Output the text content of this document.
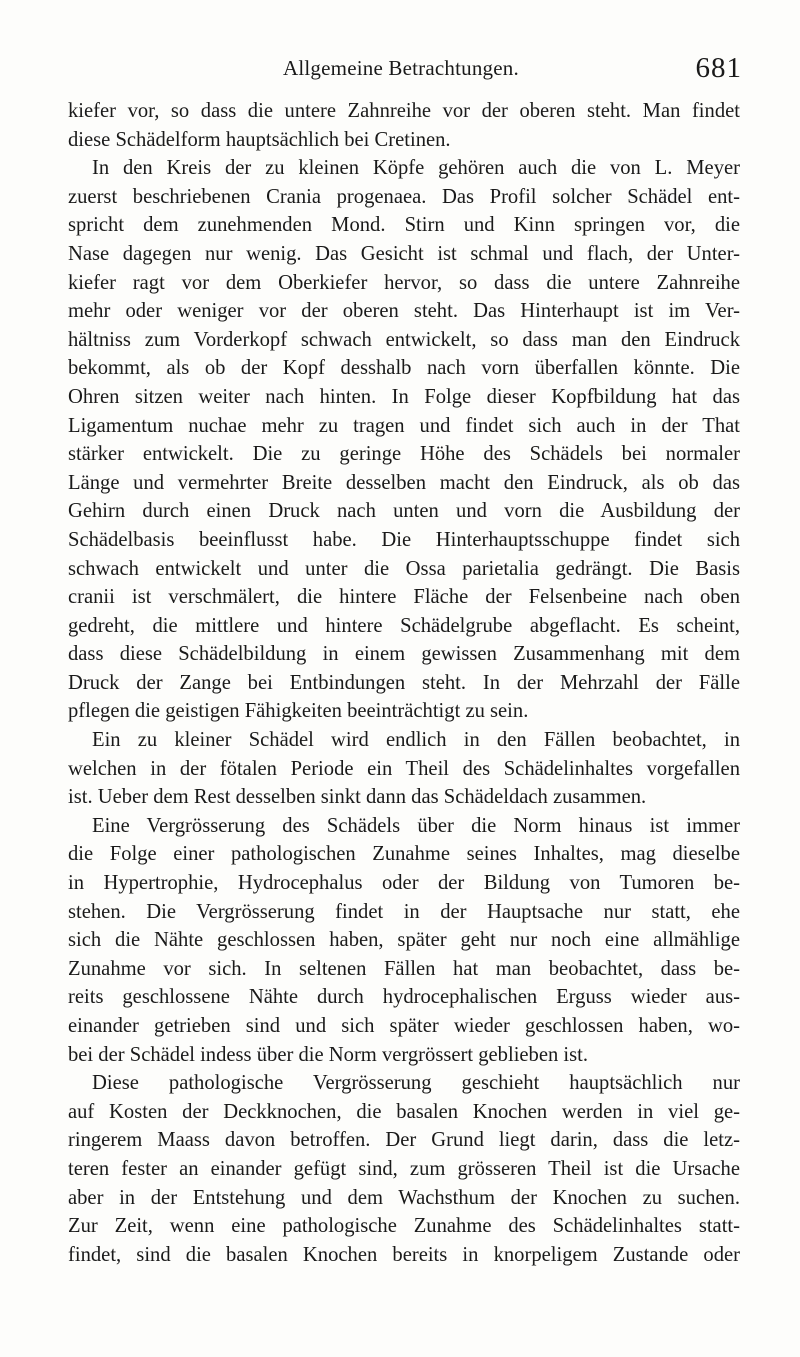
Allgemeine Betrachtungen.	681
kiefer vor, so dass die untere Zahnreihe vor der oberen steht. Man findet
diese Schädelform hauptsächlich bei Cretinen.
In den Kreis der zu kleinen Köpfe gehören auch die von L. Meyer
zuerst beschriebenen Crania progenaea. Das Profil solcher Schädel ent-
spricht dem zunehmenden Mond. Stirn und Kinn springen vor, die
Nase dagegen nur wenig. Das Gesicht ist schmal und flach, der Unter-
kiefer ragt vor dem Oberkiefer hervor, so dass die untere Zahnreihe
mehr oder weniger vor der oberen steht. Das Hinterhaupt ist im Ver-
hältniss zum Vorderkopf schwach entwickelt, so dass man den Eindruck
bekommt, als ob der Kopf desshalb nach vorn überfallen könnte. Die
Ohren sitzen weiter nach hinten. In Folge dieser Kopfbildung hat das
Ligamentum nuchae mehr zu tragen und findet sich auch in der That
stärker entwickelt. Die zu geringe Höhe des Schädels bei normaler
Länge und vermehrter Breite desselben macht den Eindruck, als ob das
Gehirn durch einen Druck nach unten und vorn die Ausbildung der
Schädelbasis beeinflusst habe. Die Hinterhauptsschuppe findet sich
schwach entwickelt und unter die Ossa parietalia gedrängt. Die Basis
cranii ist verschmälert, die hintere Fläche der Felsenbeine nach oben
gedreht, die mittlere und hintere Schädelgrube abgeflacht. Es scheint,
dass diese Schädelbildung in einem gewissen Zusammenhang mit dem
Druck der Zange bei Entbindungen steht. In der Mehrzahl der Fälle
pflegen die geistigen Fähigkeiten beeinträchtigt zu sein.
Ein zu kleiner Schädel wird endlich in den Fällen beobachtet, in
welchen in der fötalen Periode ein Theil des Schädelinhaltes vorgefallen
ist. Ueber dem Rest desselben sinkt dann das Schädeldach zusammen.
Eine Vergrösserung des Schädels über die Norm hinaus ist immer
die Folge einer pathologischen Zunahme seines Inhaltes, mag dieselbe
in Hypertrophie, Hydrocephalus oder der Bildung von Tumoren be-
stehen. Die Vergrösserung findet in der Hauptsache nur statt, ehe
sich die Nähte geschlossen haben, später geht nur noch eine allmählige
Zunahme vor sich. In seltenen Fällen hat man beobachtet, dass be-
reits geschlossene Nähte durch hydrocephalischen Erguss wieder aus-
einander getrieben sind und sich später wieder geschlossen haben, wo-
bei der Schädel indess über die Norm vergrössert geblieben ist.
Diese pathologische Vergrösserung geschieht hauptsächlich nur
auf Kosten der Deckknochen, die basalen Knochen werden in viel ge-
ringerem Maass davon betroffen. Der Grund liegt darin, dass die letz-
teren fester an einander gefügt sind, zum grösseren Theil ist die Ursache
aber in der Entstehung und dem Wachsthum der Knochen zu suchen.
Zur Zeit, wenn eine pathologische Zunahme des Schädelinhaltes statt-
findet, sind die basalen Knochen bereits in knorpeligem Zustande oder
